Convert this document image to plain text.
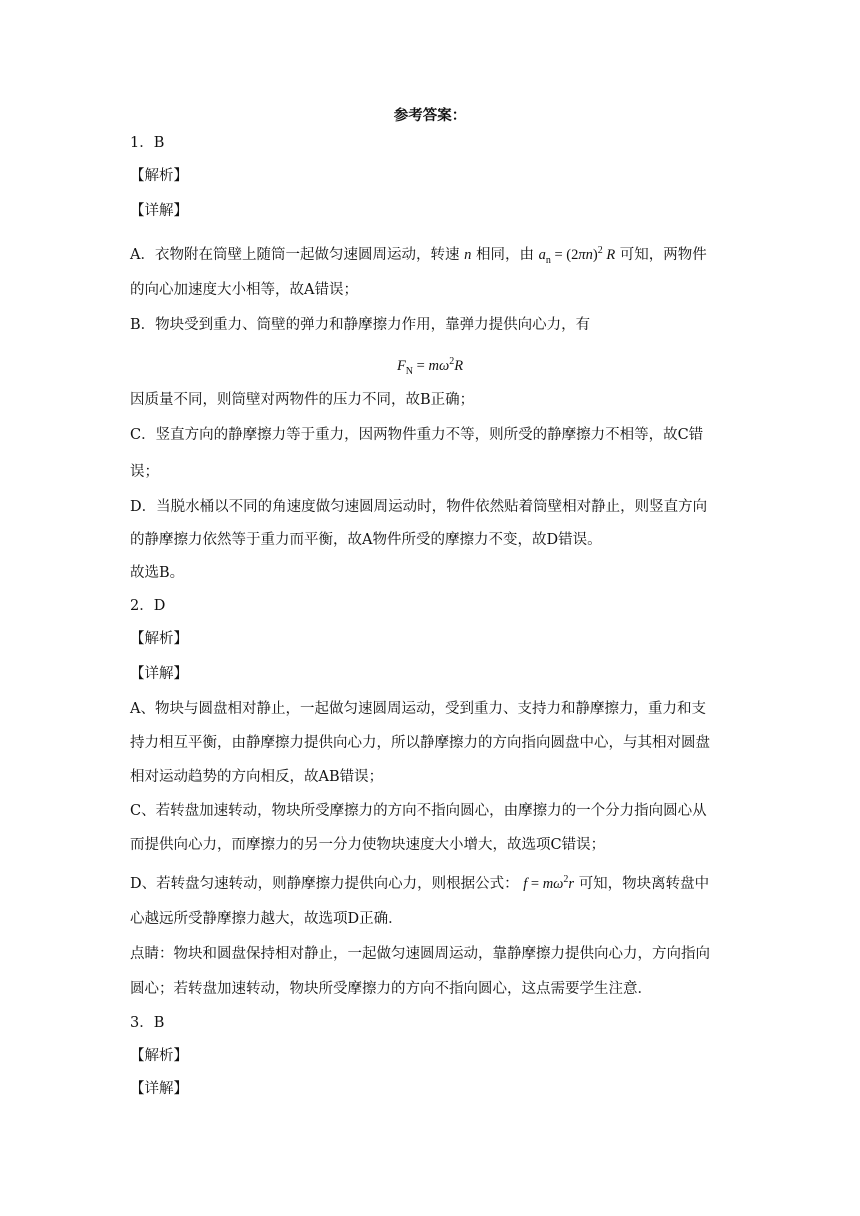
参考答案：
1．B
【解析】
【详解】
A．衣物附在筒壁上随筒一起做匀速圆周运动，转速 n 相同，由 $a_n = (2\pi n)^2$ R 可知，两物件
的向心加速度大小相等，故A错误；
B．物块受到重力、筒壁的弹力和静摩擦力作用，靠弹力提供向心力，有
$F_N = m\omega^2R$
因质量不同，则筒壁对两物件的压力不同，故B正确；
C．竖直方向的静摩擦力等于重力，因两物件重力不等，则所受的静摩擦力不相等，故C错
误；
D．当脱水桶以不同的角速度做匀速圆周运动时，物件依然贴着筒壁相对静止，则竖直方向
的静摩擦力依然等于重力而平衡，故A物件所受的摩擦力不变，故D错误。
故选B。
2．D
【解析】
【详解】
A、物块与圆盘相对静止，一起做匀速圆周运动，受到重力、支持力和静摩擦力，重力和支
持力相互平衡，由静摩擦力提供向心力，所以静摩擦力的方向指向圆盘中心，与其相对圆盘
相对运动趋势的方向相反，故AB错误；
C、若转盘加速转动，物块所受摩擦力的方向不指向圆心，由摩擦力的一个分力指向圆心从
而提供向心力，而摩擦力的另一分力使物块速度大小增大，故选项C错误；
D、若转盘匀速转动，则静摩擦力提供向心力，则根据公式： $f = m\omega^2r$ 可知，物块离转盘中
心越远所受静摩擦力越大，故选项D正确．
点睛：物块和圆盘保持相对静止，一起做匀速圆周运动，靠静摩擦力提供向心力，方向指向
圆心；若转盘加速转动，物块所受摩擦力的方向不指向圆心，这点需要学生注意．
3．B
【解析】
【详解】
